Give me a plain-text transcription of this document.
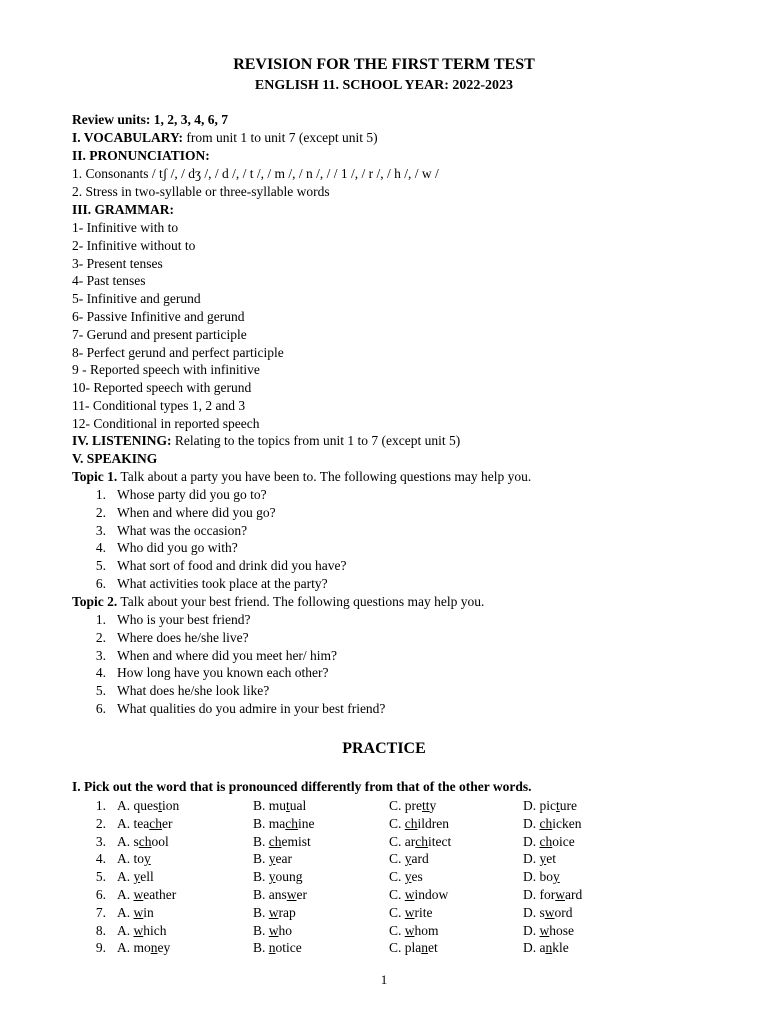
REVISION FOR THE FIRST TERM TEST
ENGLISH 11. SCHOOL YEAR: 2022-2023
Review units: 1, 2, 3, 4, 6, 7
I. VOCABULARY: from unit 1 to unit 7 (except unit 5)
II. PRONUNCIATION:
1. Consonants / tʃ /, / dʒ /, / d /, / t /, / m /, / n /, / / 1 /, / r /, / h /, / w /
2. Stress in two-syllable or three-syllable words
III. GRAMMAR:
1- Infinitive with to
2- Infinitive without to
3- Present tenses
4- Past tenses
5- Infinitive and gerund
6- Passive Infinitive and gerund
7- Gerund and present participle
8- Perfect gerund and perfect participle
9 - Reported speech with infinitive
10- Reported speech with gerund
11- Conditional types 1, 2 and 3
12- Conditional in reported speech
IV. LISTENING: Relating to the topics from unit 1 to 7 (except unit 5)
V. SPEAKING
Topic 1. Talk about a party you have been to. The following questions may help you.
1. Whose party did you go to?
2. When and where did you go?
3. What was the occasion?
4. Who did you go with?
5. What sort of food and drink did you have?
6. What activities took place at the party?
Topic 2. Talk about your best friend. The following questions may help you.
1. Who is your best friend?
2. Where does he/she live?
3. When and where did you meet her/ him?
4. How long have you known each other?
5. What does he/she look like?
6. What qualities do you admire in your best friend?
PRACTICE
I. Pick out the word that is pronounced differently from that of the other words.
1. A. question	B. mutual	C. pretty	D. picture
2. A. teacher	B. machine	C. children	D. chicken
3. A. school	B. chemist	C. architect	D. choice
4. A. toy	B. year	C. yard	D. yet
5. A. yell	B. young	C. yes	D. boy
6. A. weather	B. answer	C. window	D. forward
7. A. win	B. wrap	C. write	D. sword
8. A. which	B. who	C. whom	D. whose
9. A. money	B. notice	C. planet	D. ankle
1
